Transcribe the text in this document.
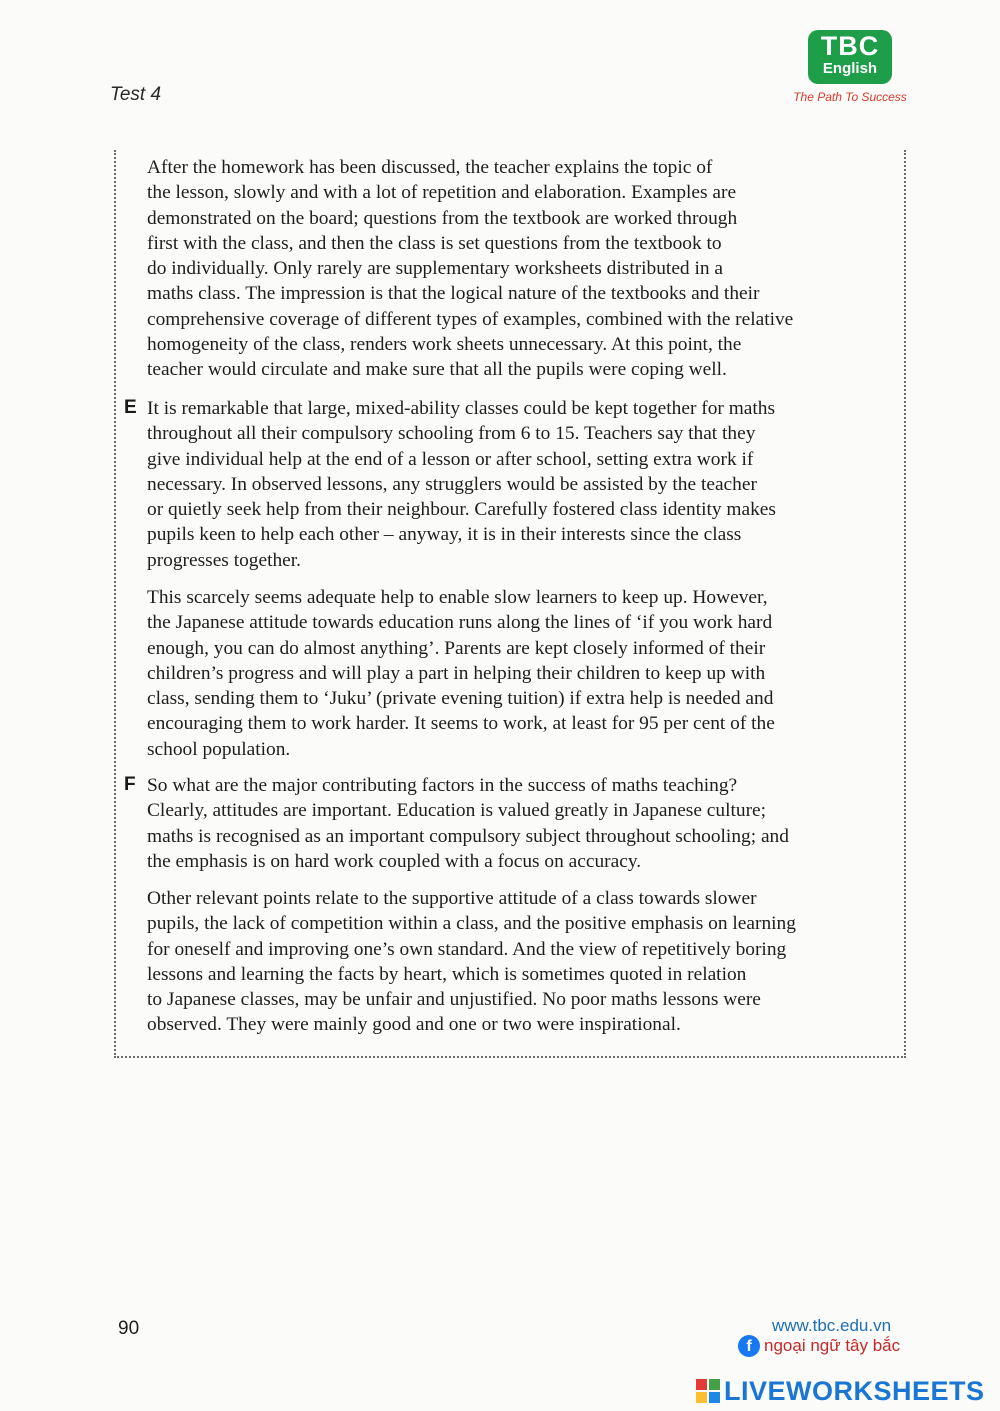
Test 4
TBC
English
The Path To Success

After the homework has been discussed, the teacher explains the topic of
the lesson, slowly and with a lot of repetition and elaboration. Examples are
demonstrated on the board; questions from the textbook are worked through
first with the class, and then the class is set questions from the textbook to
do individually. Only rarely are supplementary worksheets distributed in a
maths class. The impression is that the logical nature of the textbooks and their
comprehensive coverage of different types of examples, combined with the relative
homogeneity of the class, renders work sheets unnecessary. At this point, the
teacher would circulate and make sure that all the pupils were coping well.

E It is remarkable that large, mixed-ability classes could be kept together for maths
throughout all their compulsory schooling from 6 to 15. Teachers say that they
give individual help at the end of a lesson or after school, setting extra work if
necessary. In observed lessons, any strugglers would be assisted by the teacher
or quietly seek help from their neighbour. Carefully fostered class identity makes
pupils keen to help each other – anyway, it is in their interests since the class
progresses together.

This scarcely seems adequate help to enable slow learners to keep up. However,
the Japanese attitude towards education runs along the lines of ‘if you work hard
enough, you can do almost anything’. Parents are kept closely informed of their
children’s progress and will play a part in helping their children to keep up with
class, sending them to ‘Juku’ (private evening tuition) if extra help is needed and
encouraging them to work harder. It seems to work, at least for 95 per cent of the
school population.

F So what are the major contributing factors in the success of maths teaching?
Clearly, attitudes are important. Education is valued greatly in Japanese culture;
maths is recognised as an important compulsory subject throughout schooling; and
the emphasis is on hard work coupled with a focus on accuracy.

Other relevant points relate to the supportive attitude of a class towards slower
pupils, the lack of competition within a class, and the positive emphasis on learning
for oneself and improving one’s own standard. And the view of repetitively boring
lessons and learning the facts by heart, which is sometimes quoted in relation
to Japanese classes, may be unfair and unjustified. No poor maths lessons were
observed. They were mainly good and one or two were inspirational.

90	www.tbc.edu.vn
f ngoại ngữ tây bắc
LIVEWORKSHEETS
